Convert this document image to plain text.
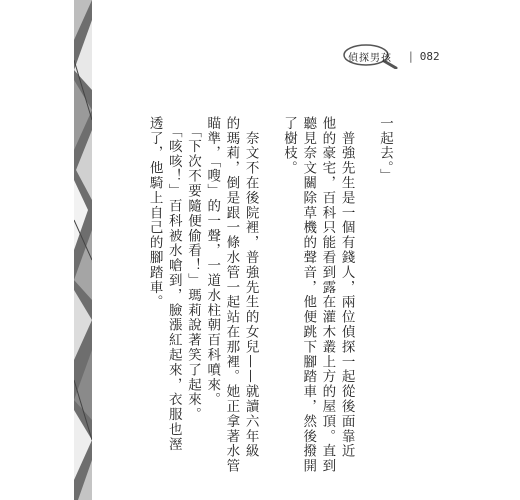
偵探男孩 | 082

一起去。」

　普強先生是一個有錢人，兩位偵探一起從後面靠近

他的豪宅，百科只能看到露在灌木叢上方的屋頂。直到

聽見奈文關除草機的聲音，他便跳下腳踏車，然後撥開

了樹枝。

　奈文不在後院裡，普強先生的女兒——就讀六年級

的瑪莉，倒是跟一條水管一起站在那裡。她正拿著水管

瞄準，「嗖」的一聲，一道水柱朝百科噴來。

　「下次不要隨便偷看！」瑪莉說著笑了起來。

　「咳咳！」百科被水嗆到，臉漲紅起來，衣服也溼

透了，他騎上自己的腳踏車。
